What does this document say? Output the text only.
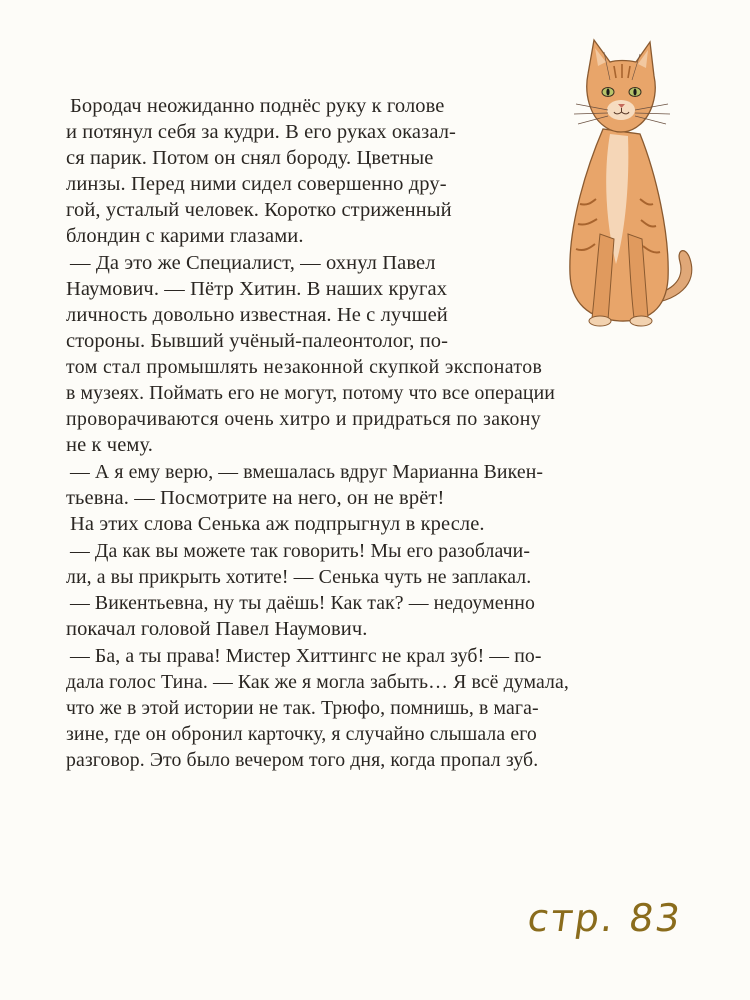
Бородач неожиданно поднёс руку к голове
и потянул себя за кудри. В его руках оказал-
ся парик. Потом он снял бороду. Цветные
линзы. Перед ними сидел совершенно дру-
гой, усталый человек. Коротко стриженный
блондин с карими глазами.
— Да это же Специалист, — охнул Павел
Наумович. — Пётр Хитин. В наших кругах
личность довольно известная. Не с лучшей
стороны. Бывший учёный-палеонтолог, по-
том стал промышлять незаконной скупкой экспонатов
в музеях. Поймать его не могут, потому что все операции
проворачиваются очень хитро и придраться по закону
не к чему.
— А я ему верю, — вмешалась вдруг Марианна Викен-
тьевна. — Посмотрите на него, он не врёт!
На этих слова Сенька аж подпрыгнул в кресле.
— Да как вы можете так говорить! Мы его разоблачи-
ли, а вы прикрыть хотите! — Сенька чуть не заплакал.
— Викентьевна, ну ты даёшь! Как так? — недоуменно
покачал головой Павел Наумович.
— Ба, а ты права! Мистер Хиттингс не крал зуб! — по-
дала голос Тина. — Как же я могла забыть… Я всё думала,
что же в этой истории не так. Трюфо, помнишь, в мага-
зине, где он обронил карточку, я случайно слышала его
разговор. Это было вечером того дня, когда пропал зуб.
стр. 83
